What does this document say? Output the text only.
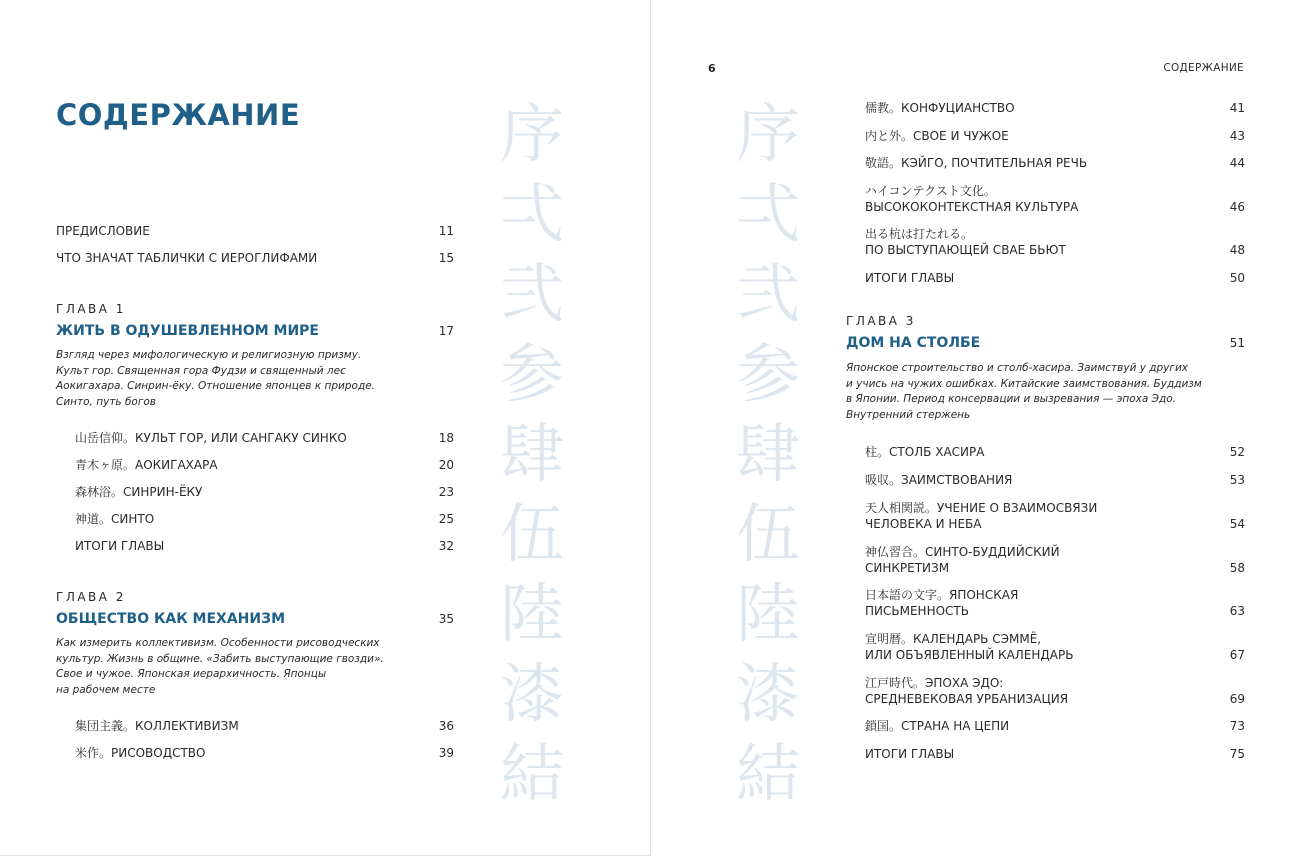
СОДЕРЖАНИЕ	序
弌
弐
参
肆
伍
陸
漆
結
ПРЕДИСЛОВИЕ	11
ЧТО ЗНАЧАТ ТАБЛИЧКИ С ИЕРОГЛИФАМИ	15
ГЛАВА 1
ЖИТЬ В ОДУШЕВЛЕННОМ МИРЕ	17

Взгляд через мифологическую и религиозную призму.
Культ гор. Священная гора Фудзи и священный лес
Аокигахара. Синрин-ёку. Отношение японцев к природе.
Синто, путь богов

山岳信仰。КУЛЬТ ГОР, ИЛИ САНГАКУ СИНКО	18
青木ヶ原。АОКИГАХАРА	20
森林浴。СИНРИН-ЁКУ	23
神道。СИНТО	25
ИТОГИ ГЛАВЫ	32
ГЛАВА 2
ОБЩЕСТВО КАК МЕХАНИЗМ	35

Как измерить коллективизм. Особенности рисоводческих
культур. Жизнь в общине. «Забить выступающие гвозди».
Свое и чужое. Японская иерархичность. Японцы
на рабочем месте

集団主義。КОЛЛЕКТИВИЗМ	36
米作。РИСОВОДСТВО	39
6	СОДЕРЖАНИЕ
序
弌
弐
参
肆
伍
陸
漆
結
儒教。КОНФУЦИАНСТВО	41
内と外。СВОЕ И ЧУЖОЕ	43
敬語。КЭЙГО, ПОЧТИТЕЛЬНАЯ РЕЧЬ	44
ハイコンテクスト文化。
ВЫСОКОКОНТЕКСТНАЯ КУЛЬТУРА	46
出る杭は打たれる。
ПО ВЫСТУПАЮЩЕЙ СВАЕ БЬЮТ	48
ИТОГИ ГЛАВЫ	50
ГЛАВА 3
ДОМ НА СТОЛБЕ	51

Японское строительство и столб-хасира. Заимствуй у других
и учись на чужих ошибках. Китайские заимствования. Буддизм
в Японии. Период консервации и вызревания — эпоха Эдо.
Внутренний стержень

柱。СТОЛБ ХАСИРА	52
吸収。ЗАИМСТВОВАНИЯ	53
天人相関説。УЧЕНИЕ О ВЗАИМОСВЯЗИ
ЧЕЛОВЕКА И НЕБА	54
神仏習合。СИНТО-БУДДИЙСКИЙ
СИНКРЕТИЗМ	58
日本語の文字。ЯПОНСКАЯ
ПИСЬМЕННОСТЬ	63
宣明暦。КАЛЕНДАРЬ СЭММЁ,
ИЛИ ОБЪЯВЛЕННЫЙ КАЛЕНДАРЬ	67
江戸時代。ЭПОХА ЭДО:
СРЕДНЕВЕКОВАЯ УРБАНИЗАЦИЯ	69
鎖国。СТРАНА НА ЦЕПИ	73
ИТОГИ ГЛАВЫ	75
